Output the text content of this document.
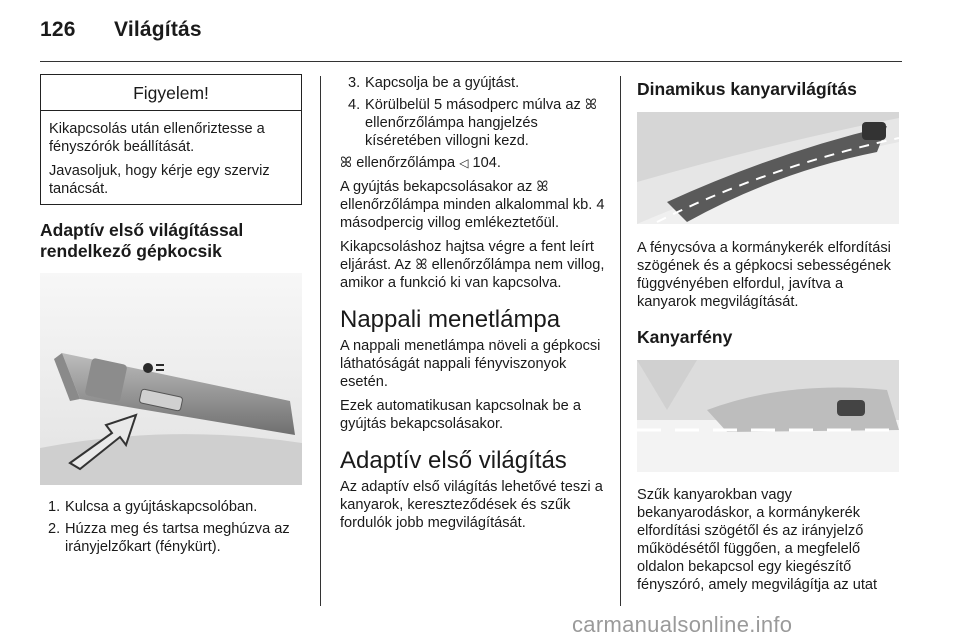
126 Világítás
Figyelem!

Kikapcsolás után ellenőriztesse a fényszórók beállítását.

Javasoljuk, hogy kérje egy szerviz tanácsát.

Adaptív első világítással rendelkező gépkocsik
1. Kulcsa a gyújtáskapcsolóban.
2. Húzza meg és tartsa meghúzva az irányjelzőkart (fénykürt).
3. Kapcsolja be a gyújtást.
4. Körülbelül 5 másodperc múlva az ꕤ ellenőrzőlámpa hangjelzés kíséretében villogni kezd.

ꕤ ellenőrzőlámpa ◁ 104.

A gyújtás bekapcsolásakor az ꕤ ellenőrzőlámpa minden alkalommal kb. 4 másodpercig villog emlékeztetőül.

Kikapcsoláshoz hajtsa végre a fent leírt eljárást. Az ꕤ ellenőrzőlámpa nem villog, amikor a funkció ki van kapcsolva.

Nappali menetlámpa

A nappali menetlámpa növeli a gépkocsi láthatóságát nappali fényviszonyok esetén.

Ezek automatikusan kapcsolnak be a gyújtás bekapcsolásakor.

Adaptív első világítás

Az adaptív első világítás lehetővé teszi a kanyarok, kereszteződések és szűk fordulók jobb megvilágítását.

Dinamikus kanyarvilágítás

A fénycsóva a kormánykerék elfordítási szögének és a gépkocsi sebességének függvényében elfordul, javítva a kanyarok megvilágítását.

Kanyarfény

Szűk kanyarokban vagy bekanyarodáskor, a kormánykerék elfordítási szögétől és az irányjelző működésétől függően, a megfelelő oldalon bekapcsol egy kiegészítő fényszóró, amely megvilágítja az utat

carmanualsonline.info
